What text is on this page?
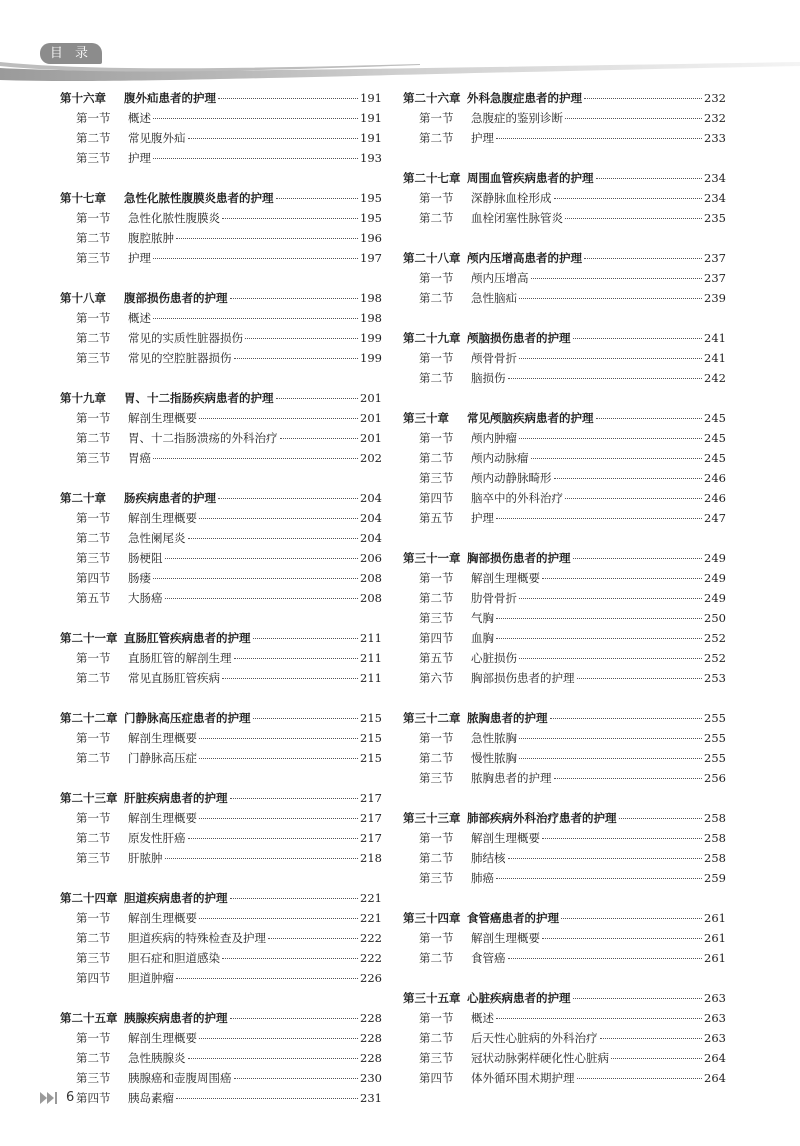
目 录
第十六章	腹外疝患者的护理	191
第一节	概述	191
第二节	常见腹外疝	191
第三节	护理	193
第十七章	急性化脓性腹膜炎患者的护理	195
第一节	急性化脓性腹膜炎	195
第二节	腹腔脓肿	196
第三节	护理	197
第十八章	腹部损伤患者的护理	198
第一节	概述	198
第二节	常见的实质性脏器损伤	199
第三节	常见的空腔脏器损伤	199
第十九章	胃、十二指肠疾病患者的护理	201
第一节	解剖生理概要	201
第二节	胃、十二指肠溃疡的外科治疗	201
第三节	胃癌	202
第二十章	肠疾病患者的护理	204
第一节	解剖生理概要	204
第二节	急性阑尾炎	204
第三节	肠梗阻	206
第四节	肠瘘	208
第五节	大肠癌	208
第二十一章 直肠肛管疾病患者的护理	211
第一节	直肠肛管的解剖生理	211
第二节	常见直肠肛管疾病	211
第二十二章 门静脉高压症患者的护理	215
第一节	解剖生理概要	215
第二节	门静脉高压症	215
第二十三章 肝脏疾病患者的护理	217
第一节	解剖生理概要	217
第二节	原发性肝癌	217
第三节	肝脓肿	218
第二十四章 胆道疾病患者的护理	221
第一节	解剖生理概要	221
第二节	胆道疾病的特殊检查及护理	222
第三节	胆石症和胆道感染	222
第四节	胆道肿瘤	226
第二十五章 胰腺疾病患者的护理	228
第一节	解剖生理概要	228
第二节	急性胰腺炎	228
第三节	胰腺癌和壶腹周围癌	230
第四节	胰岛素瘤	231
第二十六章 外科急腹症患者的护理	232
第一节	急腹症的鉴别诊断	232
第二节	护理	233
第二十七章 周围血管疾病患者的护理	234
第一节	深静脉血栓形成	234
第二节	血栓闭塞性脉管炎	235
第二十八章 颅内压增高患者的护理	237
第一节	颅内压增高	237
第二节	急性脑疝	239
第二十九章 颅脑损伤患者的护理	241
第一节	颅骨骨折	241
第二节	脑损伤	242
第三十章	常见颅脑疾病患者的护理	245
第一节	颅内肿瘤	245
第二节	颅内动脉瘤	245
第三节	颅内动静脉畸形	246
第四节	脑卒中的外科治疗	246
第五节	护理	247
第三十一章 胸部损伤患者的护理	249
第一节	解剖生理概要	249
第二节	肋骨骨折	249
第三节	气胸	250
第四节	血胸	252
第五节	心脏损伤	252
第六节	胸部损伤患者的护理	253
第三十二章 脓胸患者的护理	255
第一节	急性脓胸	255
第二节	慢性脓胸	255
第三节	脓胸患者的护理	256
第三十三章 肺部疾病外科治疗患者的护理	258
第一节	解剖生理概要	258
第二节	肺结核	258
第三节	肺癌	259
第三十四章 食管癌患者的护理	261
第一节	解剖生理概要	261
第二节	食管癌	261
第三十五章 心脏疾病患者的护理	263
第一节	概述	263
第二节	后天性心脏病的外科治疗	263
第三节	冠状动脉粥样硬化性心脏病	264
第四节	体外循环围术期护理	264
6
